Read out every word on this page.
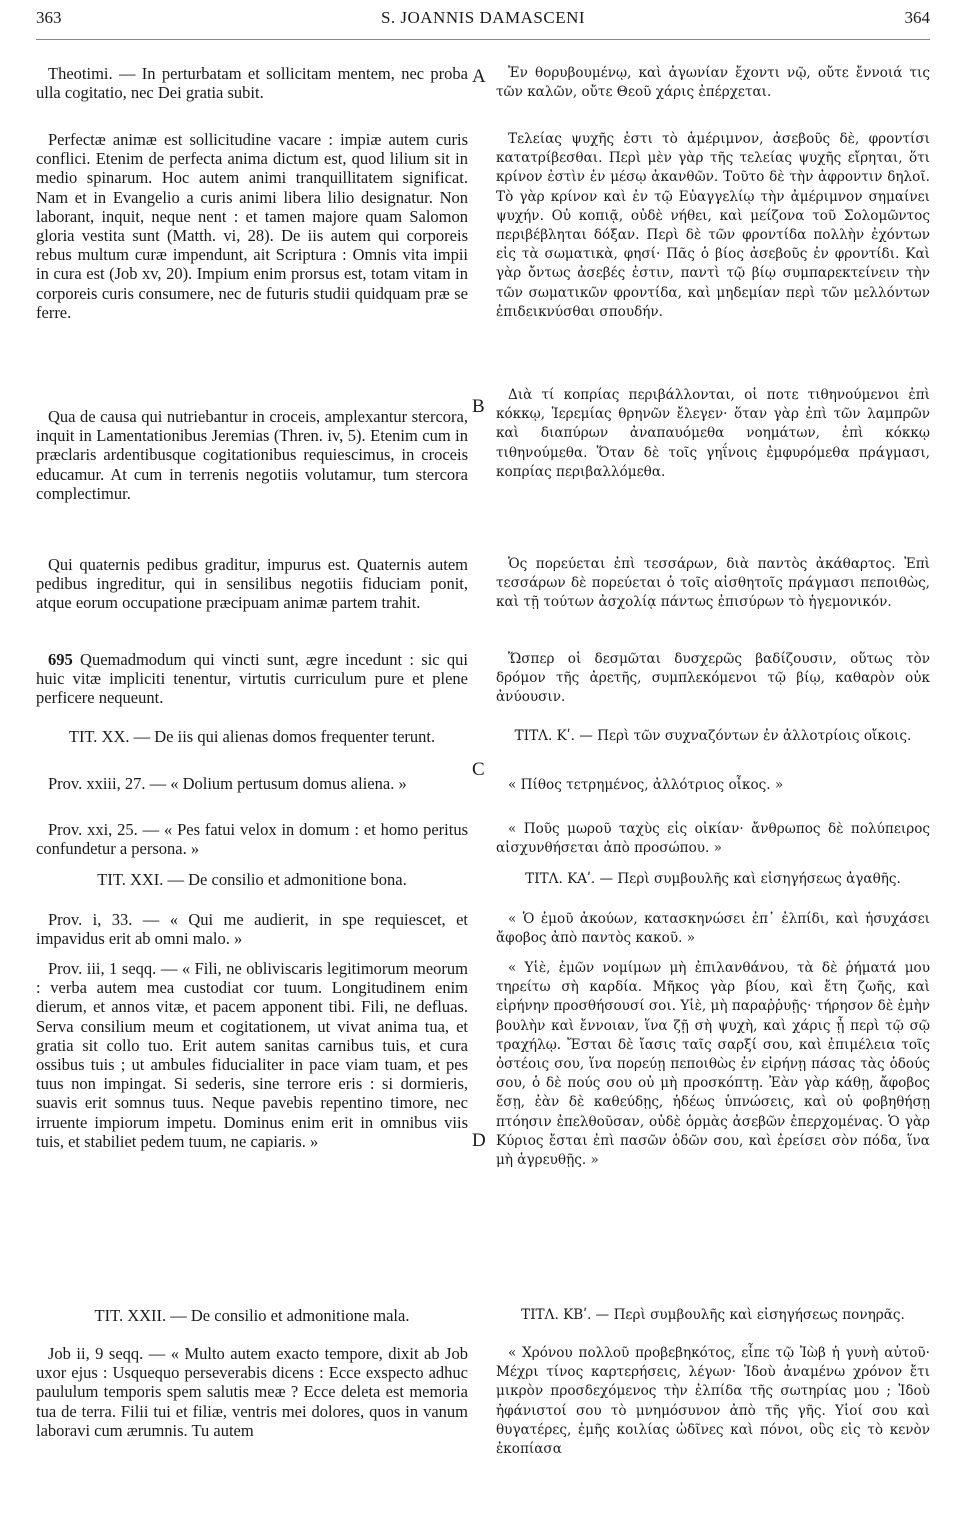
363	S. JOANNIS DAMASCENI	364
A
B
C
D

Theotimi. — In perturbatam et sollicitam mentem, nec proba ulla cogitatio, nec Dei gratia subit.

Perfectæ animæ est sollicitudine vacare : impiæ autem curis conflici. Etenim de perfecta anima dictum est, quod lilium sit in medio spinarum. Hoc autem animi tranquillitatem significat. Nam et in Evangelio a curis animi libera lilio designatur. Non laborant, inquit, neque nent : et tamen majore quam Salomon gloria vestita sunt (Matth. vi, 28). De iis autem qui corporeis rebus multum curæ impendunt, ait Scriptura : Omnis vita impii in cura est (Job xv, 20). Impium enim prorsus est, totam vitam in corporeis curis consumere, nec de futuris studii quidquam præ se ferre.

Qua de causa qui nutriebantur in croceis, amplexantur stercora, inquit in Lamentationibus Jeremias (Thren. iv, 5). Etenim cum in præclaris ardentibusque cogitationibus requiescimus, in croceis educamur. At cum in terrenis negotiis volutamur, tum stercora complectimur.

Qui quaternis pedibus graditur, impurus est. Quaternis autem pedibus ingreditur, qui in sensilibus negotiis fiduciam ponit, atque eorum occupatione præcipuam animæ partem trahit.

695 Quemadmodum qui vincti sunt, ægre incedunt : sic qui huic vitæ impliciti tenentur, virtutis curriculum pure et plene perficere nequeunt.

TIT. XX. — De iis qui alienas domos frequenter terunt.

Prov. xxiii, 27. — « Dolium pertusum domus aliena. »

Prov. xxi, 25. — « Pes fatui velox in domum : et homo peritus confundetur a persona. »

TIT. XXI. — De consilio et admonitione bona.

Prov. i, 33. — « Qui me audierit, in spe requiescet, et impavidus erit ab omni malo. »

Prov. iii, 1 seqq. — « Fili, ne obliviscaris legitimorum meorum : verba autem mea custodiat cor tuum. Longitudinem enim dierum, et annos vitæ, et pacem apponent tibi. Fili, ne defluas. Serva consilium meum et cogitationem, ut vivat anima tua, et gratia sit collo tuo. Erit autem sanitas carnibus tuis, et cura ossibus tuis ; ut ambules fiducialiter in pace viam tuam, et pes tuus non impingat. Si sederis, sine terrore eris : si dormieris, suavis erit somnus tuus. Neque pavebis repentino timore, nec irruente impiorum impetu. Dominus enim erit in omnibus viis tuis, et stabiliet pedem tuum, ne capiaris. »

TIT. XXII. — De consilio et admonitione mala.

Job ii, 9 seqq. — « Multo autem exacto tempore, dixit ab Job uxor ejus : Usquequo perseverabis dicens : Ecce exspecto adhuc paululum temporis spem salutis meæ ? Ecce deleta est memoria tua de terra. Filii tui et filiæ, ventris mei dolores, quos in vanum laboravi cum ærumnis. Tu autem

Ἐν θορυβουμένῳ, καὶ ἀγωνίαν ἔχοντι νῷ, οὔτε ἔννοιά τις τῶν καλῶν, οὔτε Θεοῦ χάρις ἐπέρχεται.

Τελείας ψυχῆς ἐστι τὸ ἀμέριμνον, ἀσεβοῦς δὲ, φροντίσι κατατρίβεσθαι. Περὶ μὲν γὰρ τῆς τελείας ψυχῆς εἴρηται, ὅτι κρίνον ἐστὶν ἐν μέσῳ ἀκανθῶν. Τοῦτο δὲ τὴν ἀφροντιν δηλοῖ. Τὸ γὰρ κρίνον καὶ ἐν τῷ Εὐαγγελίῳ τὴν ἀμέριμνον σημαίνει ψυχήν. Οὐ κοπιᾷ, οὐδὲ νήθει, καὶ μείζονα τοῦ Σολομῶντος περιβέβληται δόξαν. Περὶ δὲ τῶν φροντίδα πολλὴν ἐχόντων εἰς τὰ σωματικὰ, φησί· Πᾶς ὁ βίος ἀσεβοῦς ἐν φροντίδι. Καὶ γὰρ ὄντως ἀσεβές ἐστιν, παντὶ τῷ βίῳ συμπαρεκτείνειν τὴν τῶν σωματικῶν φροντίδα, καὶ μηδεμίαν περὶ τῶν μελλόντων ἐπιδεικνύσθαι σπουδήν.

Διὰ τί κοπρίας περιβάλλονται, οἱ ποτε τιθηνούμενοι ἐπὶ κόκκῳ, Ἱερεμίας θρηνῶν ἔλεγεν· ὅταν γὰρ ἐπὶ τῶν λαμπρῶν καὶ διαπύρων ἀναπαυόμεθα νοημάτων, ἐπὶ κόκκῳ τιθηνούμεθα. Ὅταν δὲ τοῖς γηΐνοις ἐμφυρόμεθα πράγμασι, κοπρίας περιβαλλόμεθα.

Ὁς πορεύεται ἐπὶ τεσσάρων, διὰ παντὸς ἀκάθαρτος. Ἐπὶ τεσσάρων δὲ πορεύεται ὁ τοῖς αἰσθητοῖς πράγμασι πεποιθὼς, καὶ τῇ τούτων ἀσχολίᾳ πάντως ἐπισύρων τὸ ἡγεμονικόν.

Ὥσπερ οἱ δεσμῶται δυσχερῶς βαδίζουσιν, οὕτως τὸν δρόμον τῆς ἀρετῆς, συμπλεκόμενοι τῷ βίῳ, καθαρὸν οὐκ ἀνύουσιν.

ΤΙΤΛ. Κʹ. — Περὶ τῶν συχναζόντων ἐν ἀλλοτρίοις οἴκοις.

« Πίθος τετρημένος, ἀλλότριος οἶκος. »

« Ποῦς μωροῦ ταχὺς εἰς οἰκίαν· ἄνθρωπος δὲ πολύπειρος αἰσχυνθήσεται ἀπὸ προσώπου. »

ΤΙΤΛ. ΚΑʹ. — Περὶ συμβουλῆς καὶ εἰσηγήσεως ἀγαθῆς.

« Ὁ ἐμοῦ ἀκούων, κατασκηνώσει ἐπ᾽ ἐλπίδι, καὶ ἡσυχάσει ἄφοβος ἀπὸ παντὸς κακοῦ. »

« Υἱὲ, ἐμῶν νομίμων μὴ ἐπιλανθάνου, τὰ δὲ ῥήματά μου τηρείτω σὴ καρδία. Μῆκος γὰρ βίου, καὶ ἔτη ζωῆς, καὶ εἰρήνην προσθήσουσί σοι. Υἱὲ, μὴ παραῤῥυῇς· τήρησον δὲ ἐμὴν βουλὴν καὶ ἔννοιαν, ἵνα ζῇ σὴ ψυχὴ, καὶ χάρις ᾖ περὶ τῷ σῷ τραχήλῳ. Ἔσται δὲ ἴασις ταῖς σαρξί σου, καὶ ἐπιμέλεια τοῖς ὀστέοις σου, ἵνα πορεύῃ πεποιθὼς ἐν εἰρήνῃ πάσας τὰς ὁδούς σου, ὁ δὲ πούς σου οὐ μὴ προσκόπτῃ. Ἐὰν γὰρ κάθῃ, ἄφοβος ἔσῃ, ἐὰν δὲ καθεύδῃς, ἡδέως ὑπνώσεις, καὶ οὐ φοβηθήσῃ πτόησιν ἐπελθοῦσαν, οὐδὲ ὁρμὰς ἀσεβῶν ἐπερχομένας. Ὁ γὰρ Κύριος ἔσται ἐπὶ πασῶν ὁδῶν σου, καὶ ἐρείσει σὸν πόδα, ἵνα μὴ ἀγρευθῇς. »

ΤΙΤΛ. ΚΒʹ. — Περὶ συμβουλῆς καὶ εἰσηγήσεως πονηρᾶς.

« Χρόνου πολλοῦ προβεβηκότος, εἶπε τῷ Ἰὼβ ἡ γυνὴ αὐτοῦ· Μέχρι τίνος καρτερήσεις, λέγων· Ἰδοὺ ἀναμένω χρόνον ἔτι μικρὸν προσδεχόμενος τὴν ἐλπίδα τῆς σωτηρίας μου ; Ἰδοὺ ἠφάνιστοί σου τὸ μνημόσυνον ἀπὸ τῆς γῆς. Υἱοί σου καὶ θυγατέρες, ἐμῆς κοιλίας ὠδῖνες καὶ πόνοι, οὓς εἰς τὸ κενὸν ἐκοπίασα
